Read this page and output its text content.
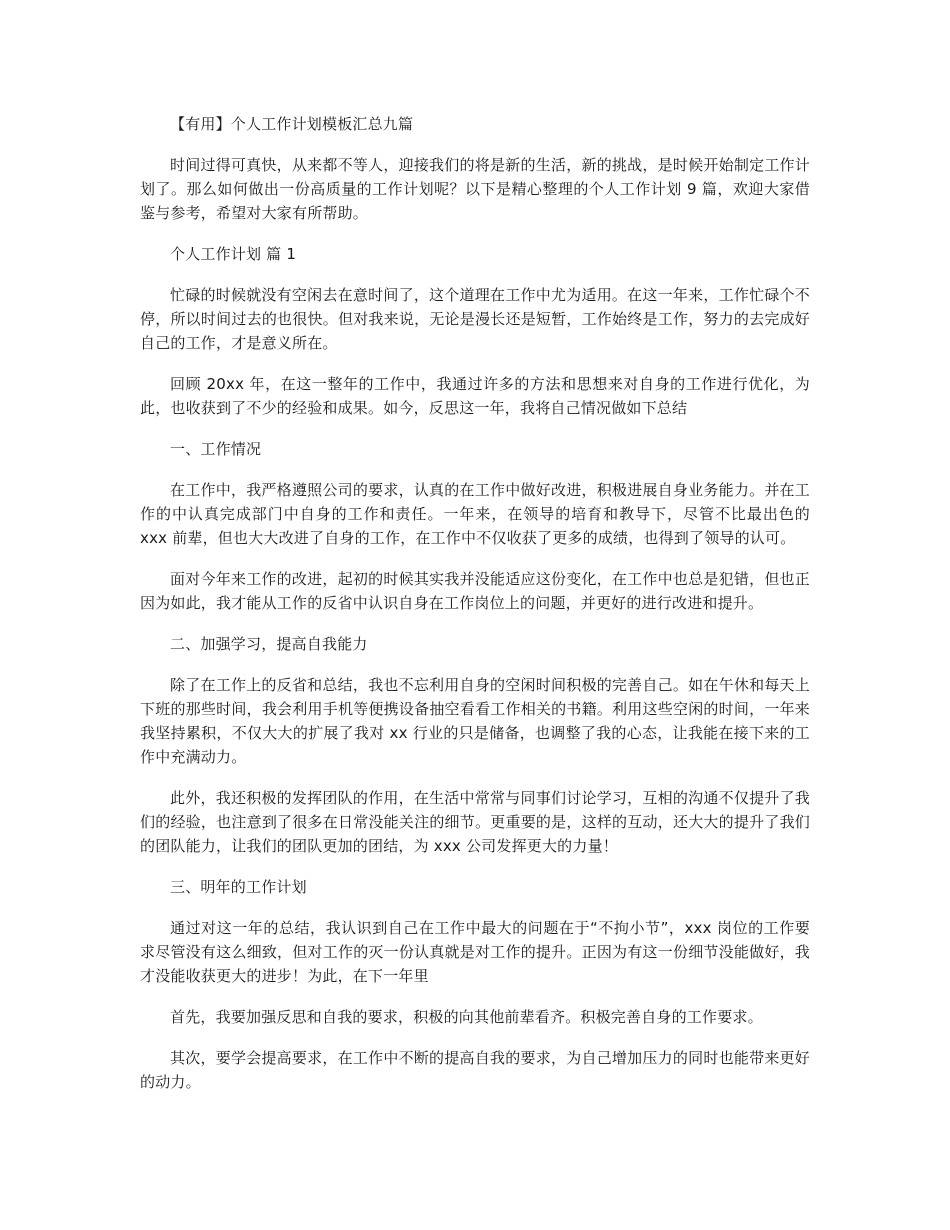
【有用】个人工作计划模板汇总九篇

时间过得可真快，从来都不等人，迎接我们的将是新的生活，新的挑战，是时候开始制定工作计划了。那么如何做出一份高质量的工作计划呢？以下是精心整理的个人工作计划 9 篇，欢迎大家借鉴与参考，希望对大家有所帮助。

个人工作计划 篇 1

忙碌的时候就没有空闲去在意时间了，这个道理在工作中尤为适用。在这一年来，工作忙碌个不停，所以时间过去的也很快。但对我来说，无论是漫长还是短暂，工作始终是工作，努力的去完成好自己的工作，才是意义所在。

回顾 20xx 年，在这一整年的工作中，我通过许多的方法和思想来对自身的工作进行优化，为此，也收获到了不少的经验和成果。如今，反思这一年，我将自己情况做如下总结

一、工作情况

在工作中，我严格遵照公司的要求，认真的在工作中做好改进，积极进展自身业务能力。并在工作的中认真完成部门中自身的工作和责任。一年来，在领导的培育和教导下，尽管不比最出色的 xxx 前辈，但也大大改进了自身的工作，在工作中不仅收获了更多的成绩，也得到了领导的认可。

面对今年来工作的改进，起初的时候其实我并没能适应这份变化，在工作中也总是犯错，但也正因为如此，我才能从工作的反省中认识自身在工作岗位上的问题，并更好的进行改进和提升。

二、加强学习，提高自我能力

除了在工作上的反省和总结，我也不忘利用自身的空闲时间积极的完善自己。如在午休和每天上下班的那些时间，我会利用手机等便携设备抽空看看工作相关的书籍。利用这些空闲的时间，一年来我坚持累积，不仅大大的扩展了我对 xx 行业的只是储备，也调整了我的心态，让我能在接下来的工作中充满动力。

此外，我还积极的发挥团队的作用，在生活中常常与同事们讨论学习，互相的沟通不仅提升了我们的经验，也注意到了很多在日常没能关注的细节。更重要的是，这样的互动，还大大的提升了我们的团队能力，让我们的团队更加的团结，为 xxx 公司发挥更大的力量！

三、明年的工作计划

通过对这一年的总结，我认识到自己在工作中最大的问题在于“不拘小节”，xxx 岗位的工作要求尽管没有这么细致，但对工作的灭一份认真就是对工作的提升。正因为有这一份细节没能做好，我才没能收获更大的进步！为此，在下一年里

首先，我要加强反思和自我的要求，积极的向其他前辈看齐。积极完善自身的工作要求。

其次，要学会提高要求，在工作中不断的提高自我的要求，为自己增加压力的同时也能带来更好的动力。
